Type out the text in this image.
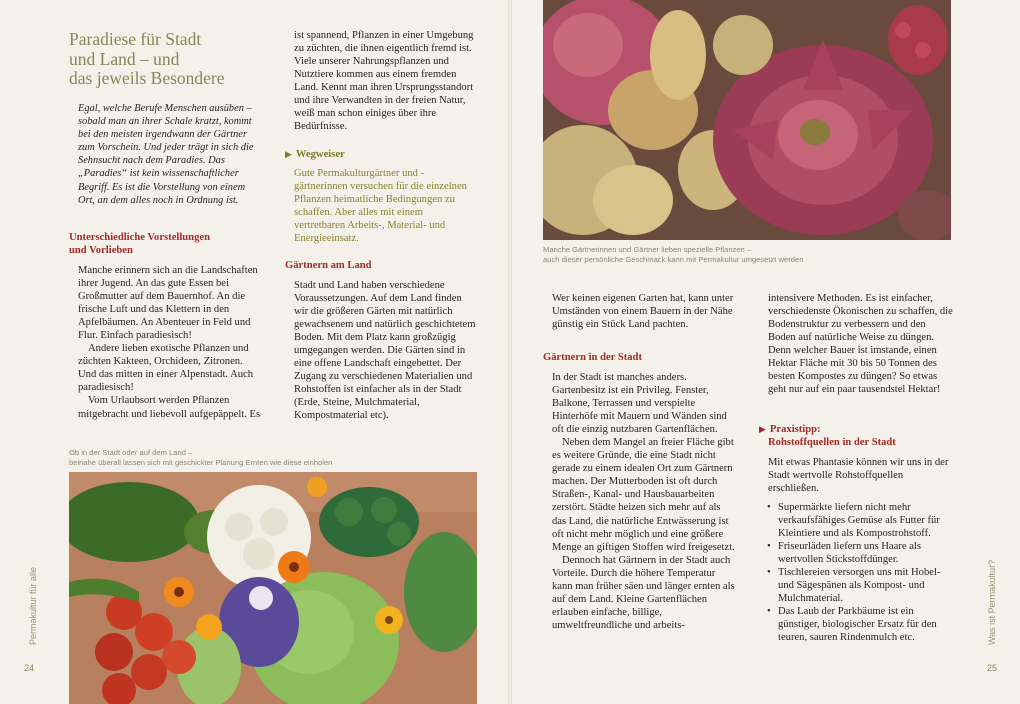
Paradiese für Stadt
und Land – und
das jeweils Besondere

Egal, welche Berufe Menschen ausüben – sobald man an ihrer Schale kratzt, kommt bei den meisten irgendwann der Gärtner zum Vorschein. Und jeder trägt in sich die Sehnsucht nach dem Paradies. Das „Paradies“ ist kein wissenschaftlicher Begriff. Es ist die Vorstellung von einem Ort, an dem alles noch in Ordnung ist.

Unterschiedliche Vorstellungen
und Vorlieben

Manche erinnern sich an die Landschaften ihrer Jugend. An das gute Essen bei Großmutter auf dem Bauernhof. An die frische Luft und das Klettern in den Apfelbäumen. An Abenteuer in Feld und Flur. Einfach paradiesisch!

Andere lieben exotische Pflanzen und züchten Kakteen, Orchideen, Zitronen. Und das mitten in einer Alpenstadt. Auch paradiesisch!

Vom Urlaubsort werden Pflanzen mitgebracht und liebevoll aufgepäppelt. Es

ist spannend, Pflanzen in einer Umgebung zu züchten, die ihnen eigentlich fremd ist. Viele unserer Nahrungspflanzen und Nutztiere kommen aus einem fremden Land. Kennt man ihren Ursprungsstandort und ihre Verwandten in der freien Natur, weiß man schon einiges über ihre Bedürfnisse.

▶ Wegweiser

Gute Permakulturgärtner und -gärtnerinnen versuchen für die einzelnen Pflanzen heimatliche Bedingungen zu schaffen. Aber alles mit einem vertretbaren Arbeits-, Material- und Energieeinsatz.

Gärtnern am Land

Stadt und Land haben verschiedene Voraussetzungen. Auf dem Land finden wir die größeren Gärten mit natürlich gewachsenem und natürlich geschichtetem Boden. Mit dem Platz kann großzügig umgegangen werden. Die Gärten sind in eine offene Landschaft eingebettet. Der Zugang zu verschiedenen Materialien und Rohstoffen ist einfacher als in der Stadt (Erde, Steine, Mulchmaterial, Kompostmaterial etc).

Ob in der Stadt oder auf dem Land –
beinahe überall lassen sich mit geschickter Planung Ernten wie diese einholen
Permakultur für alle
24
Manche Gärtnerinnen und Gärtner lieben spezielle Pflanzen –
auch dieser persönliche Geschmack kann mit Permakultur umgesetzt werden

Wer keinen eigenen Garten hat, kann unter Umständen von einem Bauern in der Nähe günstig ein Stück Land pachten.

Gärtnern in der Stadt

In der Stadt ist manches anders. Gartenbesitz ist ein Privileg. Fenster, Balkone, Terrassen und verspielte Hinterhöfe mit Mauern und Wänden sind oft die einzig nutzbaren Gartenflächen.

Neben dem Mangel an freier Fläche gibt es weitere Gründe, die eine Stadt nicht gerade zu einem idealen Ort zum Gärtnern machen. Der Mutterboden ist oft durch Straßen-, Kanal- und Hausbauarbeiten zerstört. Städte heizen sich mehr auf als das Land, die natürliche Entwässerung ist oft nicht mehr möglich und eine größere Menge an giftigen Stoffen wird freigesetzt.

Dennoch hat Gärtnern in der Stadt auch Vorteile. Durch die höhere Temperatur kann man früher säen und länger ernten als auf dem Land. Kleine Gartenflächen erlauben einfache, billige, umweltfreundliche und arbeits-

intensivere Methoden. Es ist einfacher, verschiedenste Ökonischen zu schaffen, die Bodenstruktur zu verbessern und den Boden auf natürliche Weise zu düngen. Denn welcher Bauer ist imstande, einen Hektar Fläche mit 30 bis 50 Tonnen des besten Kompostes zu düngen? So etwas geht nur auf ein paar tausendstel Hektar!

▶ Praxistipp:
Rohstoffquellen in der Stadt

Mit etwas Phantasie können wir uns in der Stadt wertvolle Rohstoffquellen erschließen.

• Supermärkte liefern nicht mehr verkaufsfähiges Gemüse als Futter für Kleintiere und als Kompostrohstoff.
• Friseurläden liefern uns Haare als wertvollen Stickstoffdünger.
• Tischlereien versorgen uns mit Hobel- und Sägespänen als Kompost- und Mulchmaterial.
• Das Laub der Parkbäume ist ein günstiger, biologischer Ersatz für den teuren, sauren Rindenmulch etc.	Was ist Permakultur?
25
